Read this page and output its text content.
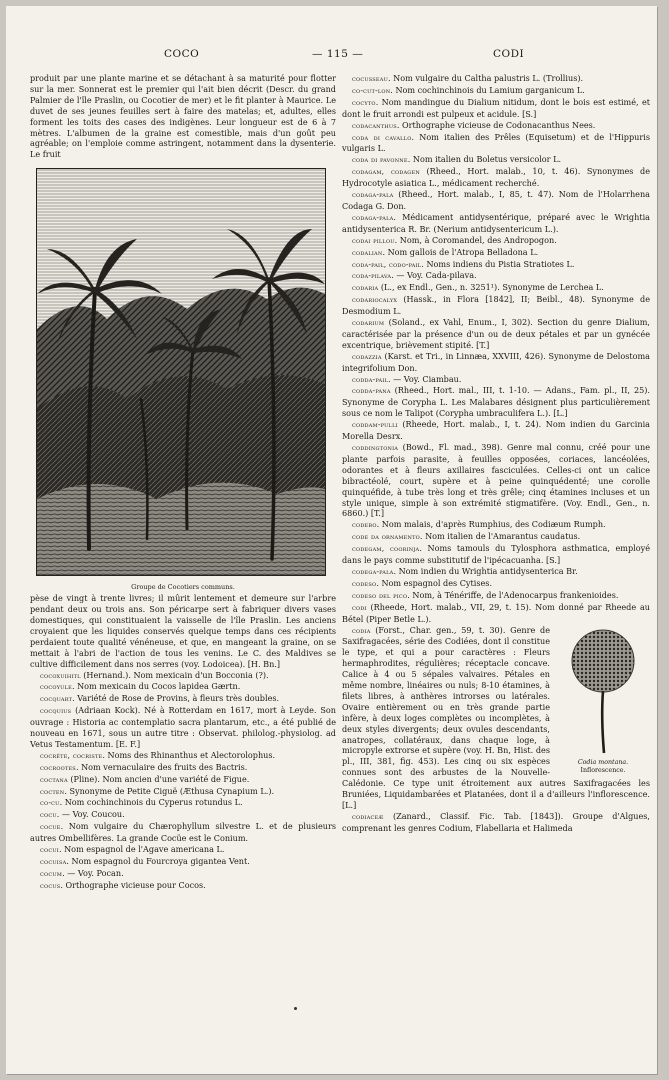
COCO	— 115 —	CODI

produit par une plante marine et se détachant à sa maturité pour flotter sur la mer. Sonnerat est le premier qui l'ait bien décrit (Descr. du grand Palmier de l'île Praslin, ou Cocotier de mer) et le fit planter à Maurice. Le duvet de ses jeunes feuilles sert à faire des matelas; et, adultes, elles forment les toits des cases des indigènes. Leur longueur est de 6 à 7 mètres. L'albumen de la graine est comestible, mais d'un goût peu agréable; on l'emploie comme astringent, notamment dans la dysenterie. Le fruit

Groupe de Cocotiers communs.

pèse de vingt à trente livres; il mûrit lentement et demeure sur l'arbre pendant deux ou trois ans. Son péricarpe sert à fabriquer divers vases domestiques, qui constituaient la vaisselle de l'île Praslin. Les anciens croyaient que les liquides conservés quelque temps dans ces récipients perdaient toute qualité vénéneuse, et que, en mangeant la graine, on se mettait à l'abri de l'action de tous les venins. Le C. des Maldives se cultive difficilement dans nos serres (voy. Lodoicea). [H. Bn.]

cocoxuihitl (Hernand.). Nom mexicain d'un Bocconia (?).

cocoyule. Nom mexicain du Cocos lapidea Gærtn.

cocquart. Variété de Rose de Provins, à fleurs très doubles.

cocquius (Adriaan Kock). Né à Rotterdam en 1617, mort à Leyde. Son ouvrage : Historia ac contemplatio sacra plantarum, etc., a été publié de nouveau en 1671, sous un autre titre : Observat. philolog.-physiolog. ad Vetus Testamentum. [E. F.]

cocrête, cocriste. Noms des Rhinanthus et Alectorolophus.

cocrootes. Nom vernaculaire des fruits des Bactris.

coctana (Pline). Nom ancien d'une variété de Figue.

cocten. Synonyme de Petite Ciguë (Æthusa Cynapium L.).

co-cu. Nom cochinchinois du Cyperus rotundus L.

cocu. — Voy. Coucou.

cocue. Nom vulgaire du Chærophyllum silvestre L. et de plusieurs autres Ombellifères. La grande Cocüe est le Conium.

cocui. Nom espagnol de l'Agave americana L.

cocuisa. Nom espagnol du Fourcroya gigantea Vent.

cocum. — Voy. Pocan.

cocus. Orthographe vicieuse pour Cocos.

cocusseau. Nom vulgaire du Caltha palustris L. (Trollius).

co-cut-lon. Nom cochinchinois du Lamium garganicum L.

cocyto. Nom mandingue du Dialium nitidum, dont le bois est estimé, et dont le fruit arrondi est pulpeux et acidule. [S.]

codacanthus. Orthographe vicieuse de Codonacanthus Nees.

coda di cavallo. Nom italien des Prêles (Equisetum) et de l'Hippuris vulgaris L.

coda di pavonne. Nom italien du Boletus versicolor L.

codagam, codagen (Rheed., Hort. malab., 10, t. 46). Synonymes de Hydrocotyle asiatica L., médicament recherché.

codaga-pala (Rheed., Hort. malab., I, 85, t. 47). Nom de l'Holarrhena Codaga G. Don.

codaga-pala. Médicament antidysentérique, préparé avec le Wrightia antidysenterica R. Br. (Nerium antidysentericum L.).

codai pillou. Nom, à Coromandel, des Andropogon.

codalian. Nom gallois de l'Atropa Belladona L.

coda-pail, codo-pail. Noms indiens du Pistia Stratiotes L.

coda-pilava. — Voy. Cada-pilava.

codaria (L., ex Endl., Gen., n. 3251¹). Synonyme de Lerchea L.

codariocalyx (Hassk., in Flora [1842], II; Beibl., 48). Synonyme de Desmodium L.

codarium (Soland., ex Vahl, Enum., I, 302). Section du genre Dialium, caractérisée par la présence d'un ou de deux pétales et par un gynécée excentrique, brièvement stipité. [T.]

codazzia (Karst. et Tri., in Linnæa, XXVIII, 426). Synonyme de Delostoma integrifolium Don.

codda-pail. — Voy. Ciambau.

codda-pana (Rheed., Hort. mal., III, t. 1-10. — Adans., Fam. pl., II, 25). Synonyme de Corypha L. Les Malabares désignent plus particulièrement sous ce nom le Talipot (Corypha umbraculifera L.). [L.]

coddam-pulli (Rheede, Hort. malab., I, t. 24). Nom indien du Garcinia Morella Desrx.

coddingtonia (Bowd., Fl. mad., 398). Genre mal connu, créé pour une plante parfois parasite, à feuilles opposées, coriaces, lancéolées, odorantes et à fleurs axillaires fasciculées. Celles-ci ont un calice bibractéolé, court, supère et à peine quinquédenté; une corolle quinquéfide, à tube très long et très grêle; cinq étamines incluses et un style unique, simple à son extrémité stigmatifère. (Voy. Endl., Gen., n. 6860.) [T.]

codebo. Nom malais, d'après Rumphius, des Codiæum Rumph.

code da ornamento. Nom italien de l'Amarantus caudatus.

codegam, coorinja. Noms tamouls du Tylosphora asthmatica, employé dans le pays comme substitutif de l'ipécacuanha. [S.]

codega-pala. Nom indien du Wrightia antidysenterica Br.

codeso. Nom espagnol des Cytises.

codeso del pico. Nom, à Ténériffe, de l'Adenocarpus frankenioides.

codi (Rheede, Hort. malab., VII, 29, t. 15). Nom donné par Rheede au Bétel (Piper Betle L.).

Codia montana.
Inflorescence.

codia (Forst., Char. gen., 59, t. 30). Genre de Saxifragacées, série des Codiées, dont il constitue le type, et qui a pour caractères : Fleurs hermaphrodites, régulières; réceptacle concave. Calice à 4 ou 5 sépales valvaires. Pétales en même nombre, linéaires ou nuls; 8-10 étamines, à filets libres, à anthères introrses ou latérales. Ovaire entièrement ou en très grande partie infère, à deux loges complètes ou incomplètes, à deux styles divergents; deux ovules descendants, anatropes, collatéraux, dans chaque loge, à micropyle extrorse et supère (voy. H. Bn, Hist. des pl., III, 381, fig. 453). Les cinq ou six espèces connues sont des arbustes de la Nouvelle-Calédonie. Ce type unit étroitement aux autres Saxifragacées les Bruniées, Liquidambarées et Platanées, dont il a d'ailleurs l'inflorescence. [L.]

codiaceæ (Zanard., Classif. Fic. Tab. [1843]). Groupe d'Algues, comprenant les genres Codium, Flabellaria et Halimeda
